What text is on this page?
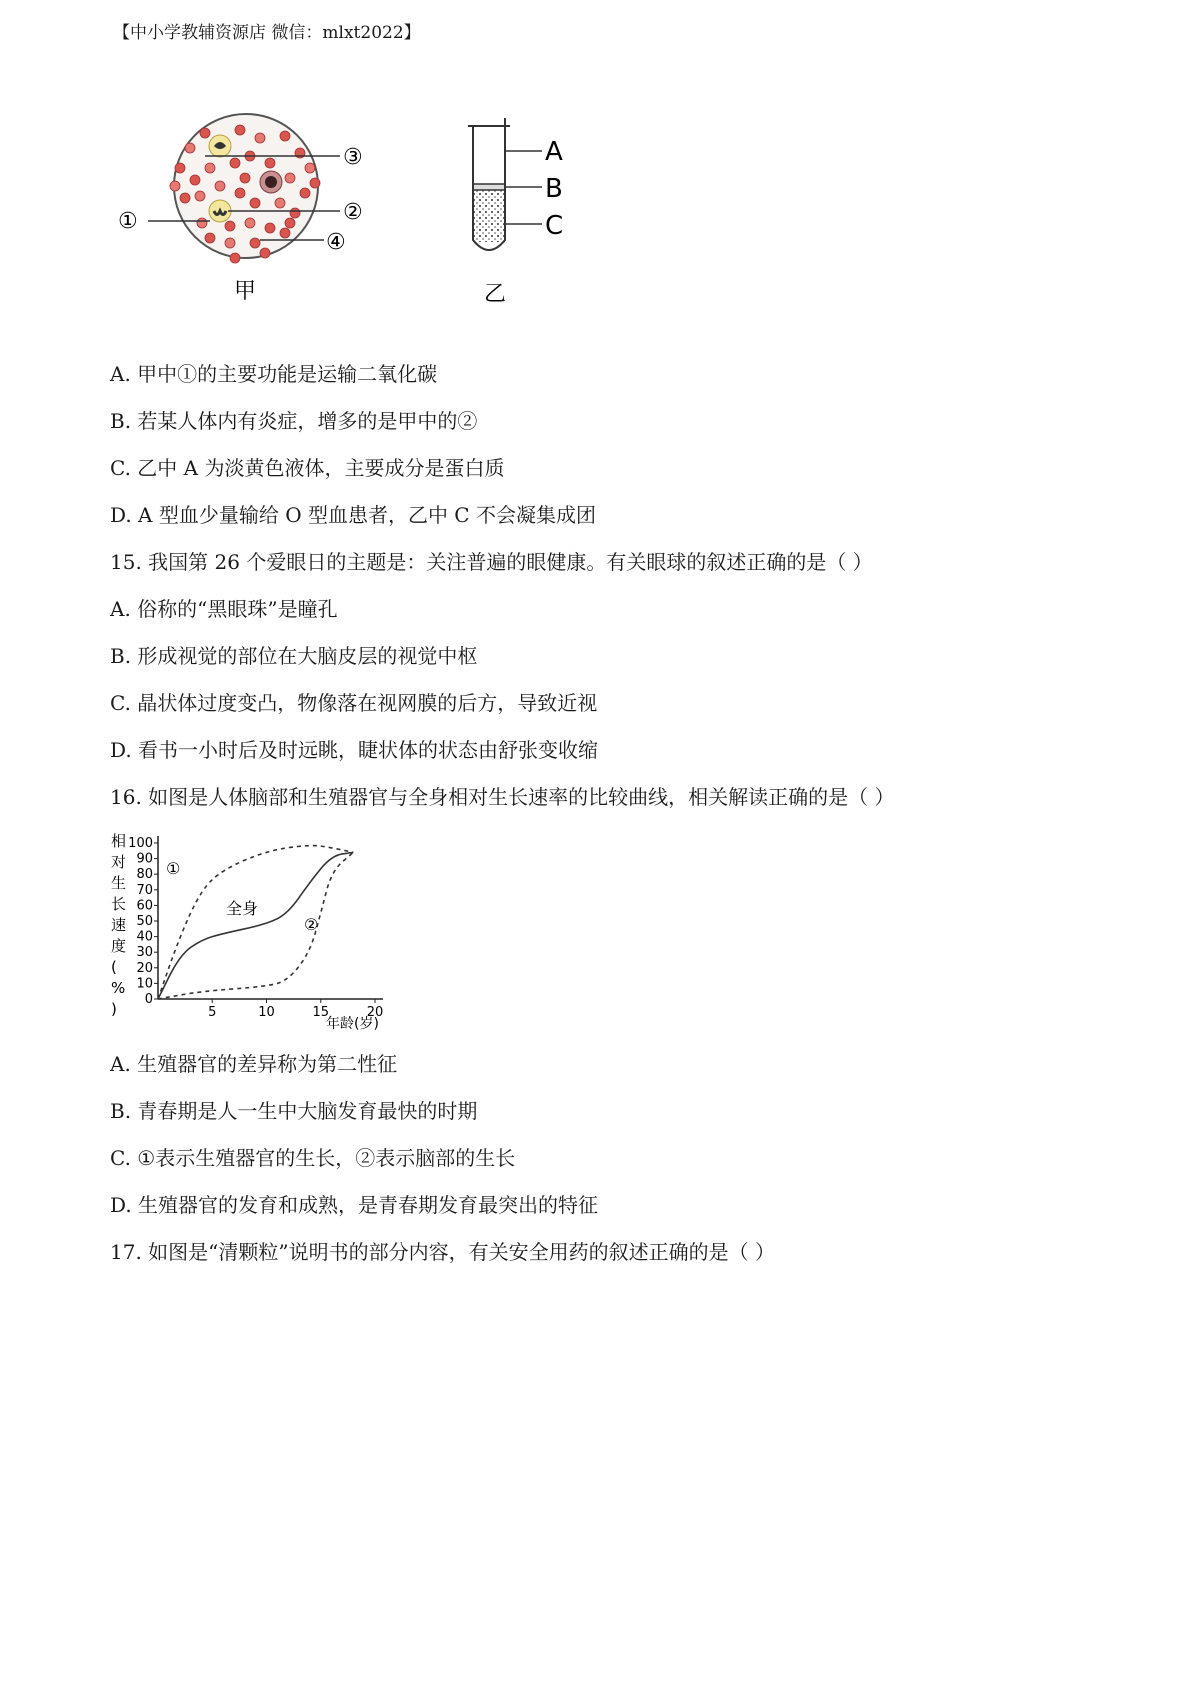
【中小学教辅资源店 微信：mlxt2022】
①	②
③
④
甲
A
B
C
乙
A. 甲中①的主要功能是运输二氧化碳
B. 若某人体内有炎症，增多的是甲中的②
C. 乙中 A 为淡黄色液体，主要成分是蛋白质
D. A 型血少量输给 O 型血患者，乙中 C 不会凝集成团
15. 我国第 26 个爱眼日的主题是：关注普遍的眼健康。有关眼球的叙述正确的是（ ）
A. 俗称的“黑眼珠”是瞳孔
B. 形成视觉的部位在大脑皮层的视觉中枢
C. 晶状体过度变凸，物像落在视网膜的后方，导致近视
D. 看书一小时后及时远眺，睫状体的状态由舒张变收缩
16. 如图是人体脑部和生殖器官与全身相对生长速率的比较曲线，相关解读正确的是（ ）
相
对
生
长
速
度
(
%
)
0
10
20
30
40
50
60
70
80
90
100
5	10	15	20
①
全身
②
年龄(岁)
A. 生殖器官的差异称为第二性征
B. 青春期是人一生中大脑发育最快的时期
C. ①表示生殖器官的生长，②表示脑部的生长
D. 生殖器官的发育和成熟，是青春期发育最突出的特征
17. 如图是“清颗粒”说明书的部分内容，有关安全用药的叙述正确的是（ ）
